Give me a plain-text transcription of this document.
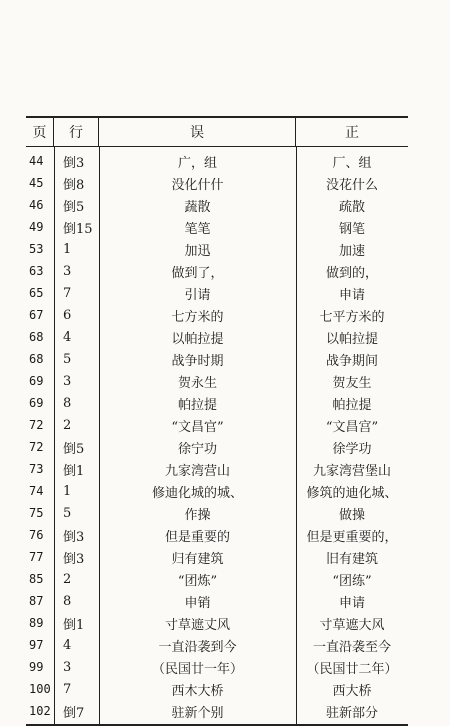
页	行	误	正
44	倒3	广，组	厂、组
45	倒8	没化什什	没花什么
46	倒5	蔬散	疏散
49	倒15	笔笔	钢笔
53	1	加迅	加速
63	3	做到了，	做到的，
65	7	引请	申请
67	6	七方米的	七平方米的
68	4	以帕拉提	以帕拉提
68	5	战争时期	战争期间
69	3	贺永生	贺友生
69	8	帕拉提	帕拉提
72	2	“文昌官”	“文昌宫”
72	倒5	徐宁功	徐学功
73	倒1	九家湾营山	九家湾营堡山
74	1	修迪化城的城、	修筑的迪化城、
75	5	作操	做操
76	倒3	但是重要的	但是更重要的，
77	倒3	归有建筑	旧有建筑
85	2	“团炼”	“团练”
87	8	申销	申请
89	倒1	寸草遮丈风	寸草遮大风
97	4	一直沿袭到今	一直沿袭至今
99	3	（民国廿一年）	（民国廿二年）
100 7	西木大桥	西大桥
102 倒7	驻新个别	驻新部分
